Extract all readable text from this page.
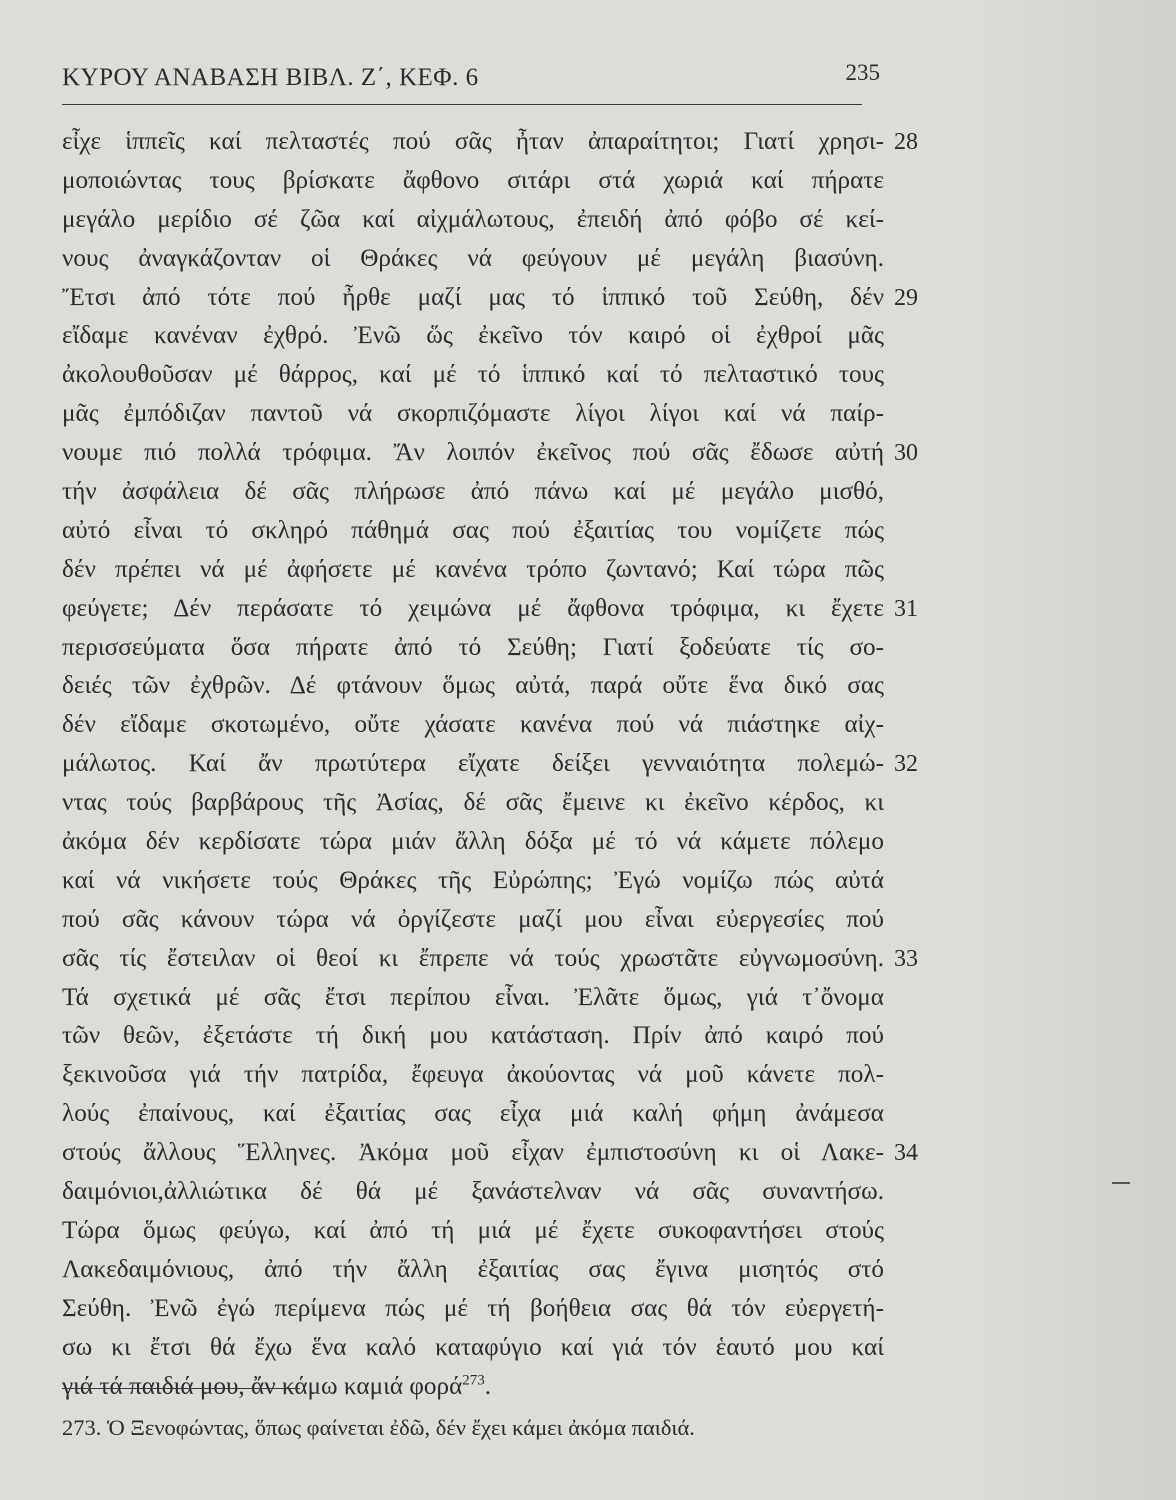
ΚΥΡΟΥ ΑΝΑΒΑΣΗ ΒΙΒΛ. Ζ΄, ΚΕΦ. 6	235
εἶχε ἱππεῖς καί πελταστές πού σᾶς ἦταν ἀπαραίτητοι; Γιατί χρησι- 28
μοποιώντας τους βρίσκατε ἄφθονο σιτάρι στά χωριά καί πήρατε
μεγάλο μερίδιο σέ ζῶα καί αἰχμάλωτους, ἐπειδή ἀπό φόβο σέ κεί-
νους ἀναγκάζονταν οἱ Θράκες νά φεύγουν μέ μεγάλη βιασύνη.
Ἔτσι ἀπό τότε πού ἦρθε μαζί μας τό ἱππικό τοῦ Σεύθη, δέν 29
εἴδαμε κανέναν ἐχθρό. Ἐνῶ ὥς ἐκεῖνο τόν καιρό οἱ ἐχθροί μᾶς
ἀκολουθοῦσαν μέ θάρρος, καί μέ τό ἱππικό καί τό πελταστικό τους
μᾶς ἐμπόδιζαν παντοῦ νά σκορπιζόμαστε λίγοι λίγοι καί νά παίρ-
νουμε πιό πολλά τρόφιμα. Ἄν λοιπόν ἐκεῖνος πού σᾶς ἔδωσε αὐτή 30
τήν ἀσφάλεια δέ σᾶς πλήρωσε ἀπό πάνω καί μέ μεγάλο μισθό,
αὐτό εἶναι τό σκληρό πάθημά σας πού ἐξαιτίας του νομίζετε πώς
δέν πρέπει νά μέ ἀφήσετε μέ κανένα τρόπο ζωντανό; Καί τώρα πῶς
φεύγετε; Δέν περάσατε τό χειμώνα μέ ἄφθονα τρόφιμα, κι ἔχετε 31
περισσεύματα ὅσα πήρατε ἀπό τό Σεύθη; Γιατί ξοδεύατε τίς σο-
δειές τῶν ἐχθρῶν. Δέ φτάνουν ὅμως αὐτά, παρά οὔτε ἕνα δικό σας
δέν εἴδαμε σκοτωμένο, οὔτε χάσατε κανένα πού νά πιάστηκε αἰχ-
μάλωτος. Καί ἄν πρωτύτερα εἴχατε δείξει γενναιότητα πολεμώ- 32
ντας τούς βαρβάρους τῆς Ἀσίας, δέ σᾶς ἔμεινε κι ἐκεῖνο κέρδος, κι
ἀκόμα δέν κερδίσατε τώρα μιάν ἄλλη δόξα μέ τό νά κάμετε πόλεμο
καί νά νικήσετε τούς Θράκες τῆς Εὐρώπης; Ἐγώ νομίζω πώς αὐτά
πού σᾶς κάνουν τώρα νά ὀργίζεστε μαζί μου εἶναι εὐεργεσίες πού
σᾶς τίς ἔστειλαν οἱ θεοί κι ἔπρεπε νά τούς χρωστᾶτε εὐγνωμοσύνη. 33
Τά σχετικά μέ σᾶς ἔτσι περίπου εἶναι. Ἐλᾶτε ὅμως, γιά τ᾽ὄνομα
τῶν θεῶν, ἐξετάστε τή δική μου κατάσταση. Πρίν ἀπό καιρό πού
ξεκινοῦσα γιά τήν πατρίδα, ἔφευγα ἀκούοντας νά μοῦ κάνετε πολ-
λούς ἐπαίνους, καί ἐξαιτίας σας εἶχα μιά καλή φήμη ἀνάμεσα
στούς ἄλλους Ἕλληνες. Ἀκόμα μοῦ εἶχαν ἐμπιστοσύνη κι οἱ Λακε- 34
δαιμόνιοι,ἀλλιώτικα δέ θά μέ ξανάστελναν νά σᾶς συναντήσω.
Τώρα ὅμως φεύγω, καί ἀπό τή μιά μέ ἔχετε συκοφαντήσει στούς
Λακεδαιμόνιους, ἀπό τήν ἄλλη ἐξαιτίας σας ἔγινα μισητός στό
Σεύθη. Ἐνῶ ἐγώ περίμενα πώς μέ τή βοήθεια σας θά τόν εὐεργετή-
σω κι ἔτσι θά ἔχω ἕνα καλό καταφύγιο καί γιά τόν ἑαυτό μου καί
γιά τά παιδιά μου, ἄν κάμω καμιά φορά$^{273}$.
273. Ὁ Ξενοφώντας, ὅπως φαίνεται ἐδῶ, δέν ἔχει κάμει ἀκόμα παιδιά.
